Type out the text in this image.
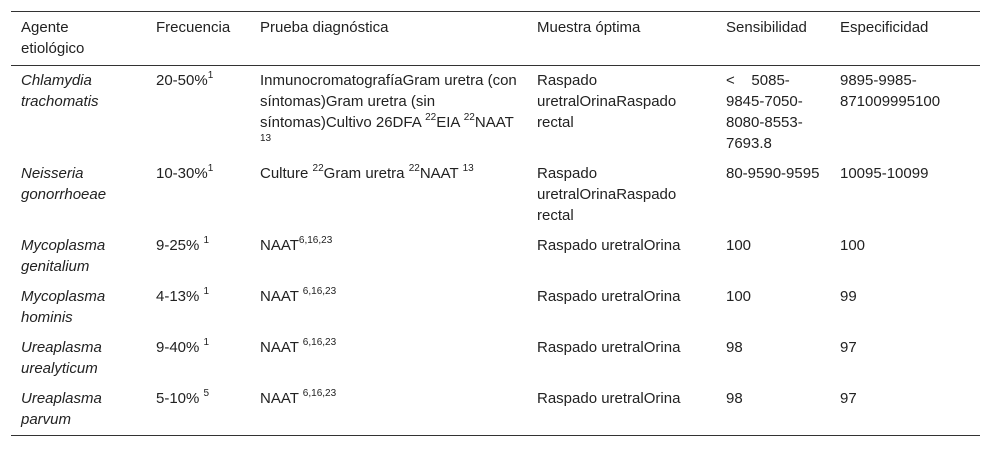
Agente etiológico	Frecuencia	Prueba diagnóstica	Muestra óptima	Sensibilidad	Especificidad
Chlamydia trachomatis	20-50%$^1$	InmunocromatografíaGram uretra (con síntomas)Gram uretra (sin síntomas)Cultivo 26DFA $^{22}$EIA $^{22}$NAAT $^{13}$	Raspado uretralOrinaRaspado rectal	<    5085-9845-7050-8080-8553-7693.8	9895-9985-871009995100
Neisseria gonorrhoeae	10-30%$^1$	Culture $^{22}$Gram uretra $^{22}$NAAT $^{13}$	Raspado uretralOrinaRaspado rectal	80-9590-9595	10095-10099
Mycoplasma genitalium	9-25% $^1$	NAAT$^{6,16,23}$	Raspado uretralOrina	100	100
Mycoplasma hominis	4-13% $^1$	NAAT $^{6,16,23}$	Raspado uretralOrina	100	99
Ureaplasma urealyticum	9-40% $^1$	NAAT $^{6,16,23}$	Raspado uretralOrina	98	97
Ureaplasma parvum	5-10% $^5$	NAAT $^{6,16,23}$	Raspado uretralOrina	98	97
